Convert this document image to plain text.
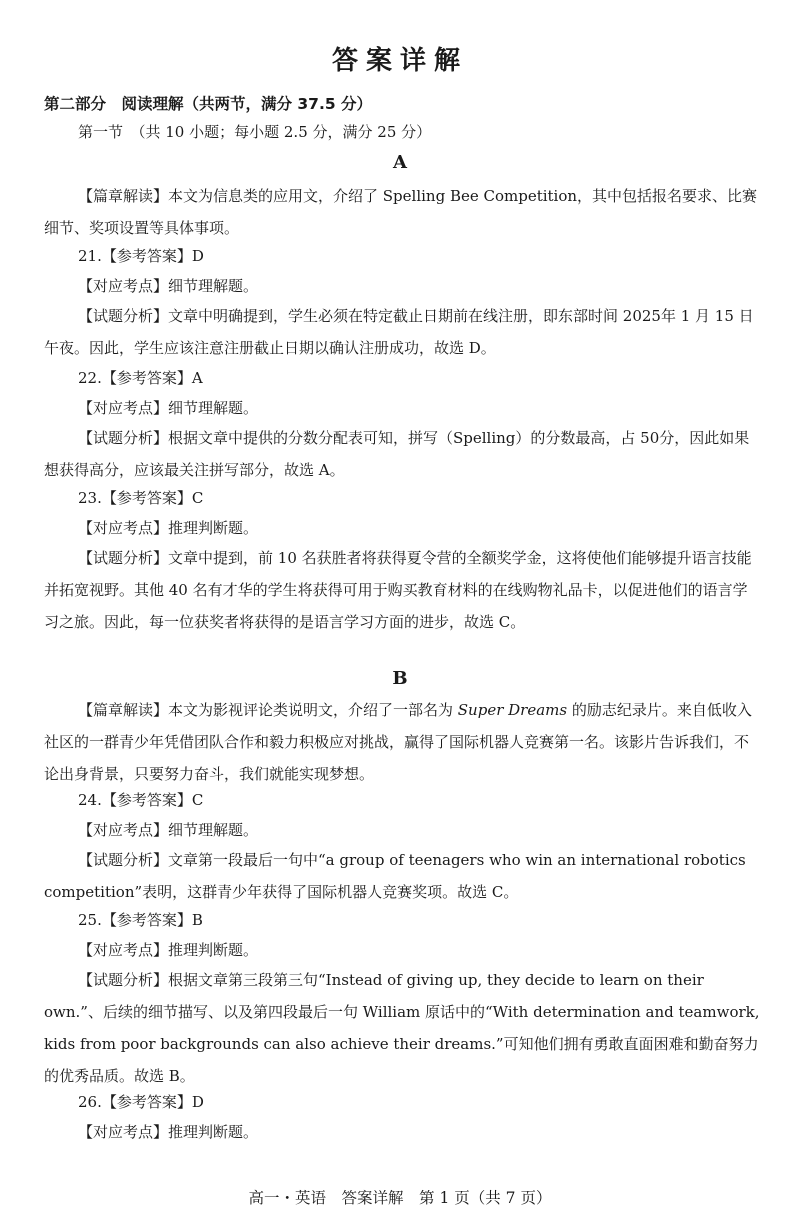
答案详解
第二部分　阅读理解（共两节，满分 37.5 分）
第一节　（共 10 小题；每小题 2.5 分，满分 25 分）
A
【篇章解读】本文为信息类的应用文，介绍了 Spelling Bee Competition，其中包括报名要求、比赛细节、奖项设置等具体事项。
21.【参考答案】D
【对应考点】细节理解题。
【试题分析】文章中明确提到，学生必须在特定截止日期前在线注册，即东部时间 2025年 1 月 15 日午夜。因此，学生应该注意注册截止日期以确认注册成功，故选 D。
22.【参考答案】A
【对应考点】细节理解题。
【试题分析】根据文章中提供的分数分配表可知，拼写（Spelling）的分数最高，占 50分，因此如果想获得高分，应该最关注拼写部分，故选 A。
23.【参考答案】C
【对应考点】推理判断题。
【试题分析】文章中提到，前 10 名获胜者将获得夏令营的全额奖学金，这将使他们能够提升语言技能并拓宽视野。其他 40 名有才华的学生将获得可用于购买教育材料的在线购物礼品卡，以促进他们的语言学习之旅。因此，每一位获奖者将获得的是语言学习方面的进步，故选 C。
B
【篇章解读】本文为影视评论类说明文，介绍了一部名为 Super Dreams 的励志纪录片。来自低收入社区的一群青少年凭借团队合作和毅力积极应对挑战，赢得了国际机器人竞赛第一名。该影片告诉我们，不论出身背景，只要努力奋斗，我们就能实现梦想。
24.【参考答案】C
【对应考点】细节理解题。
【试题分析】文章第一段最后一句中“a group of teenagers who win an international robotics competition”表明，这群青少年获得了国际机器人竞赛奖项。故选 C。
25.【参考答案】B
【对应考点】推理判断题。
【试题分析】根据文章第三段第三句“Instead of giving up, they decide to learn on their own.”、后续的细节描写、以及第四段最后一句 William 原话中的“With determination and teamwork, kids from poor backgrounds can also achieve their dreams.”可知他们拥有勇敢直面困难和勤奋努力的优秀品质。故选 B。
26.【参考答案】D
【对应考点】推理判断题。
高一・英语　答案详解　第 1 页（共 7 页）
